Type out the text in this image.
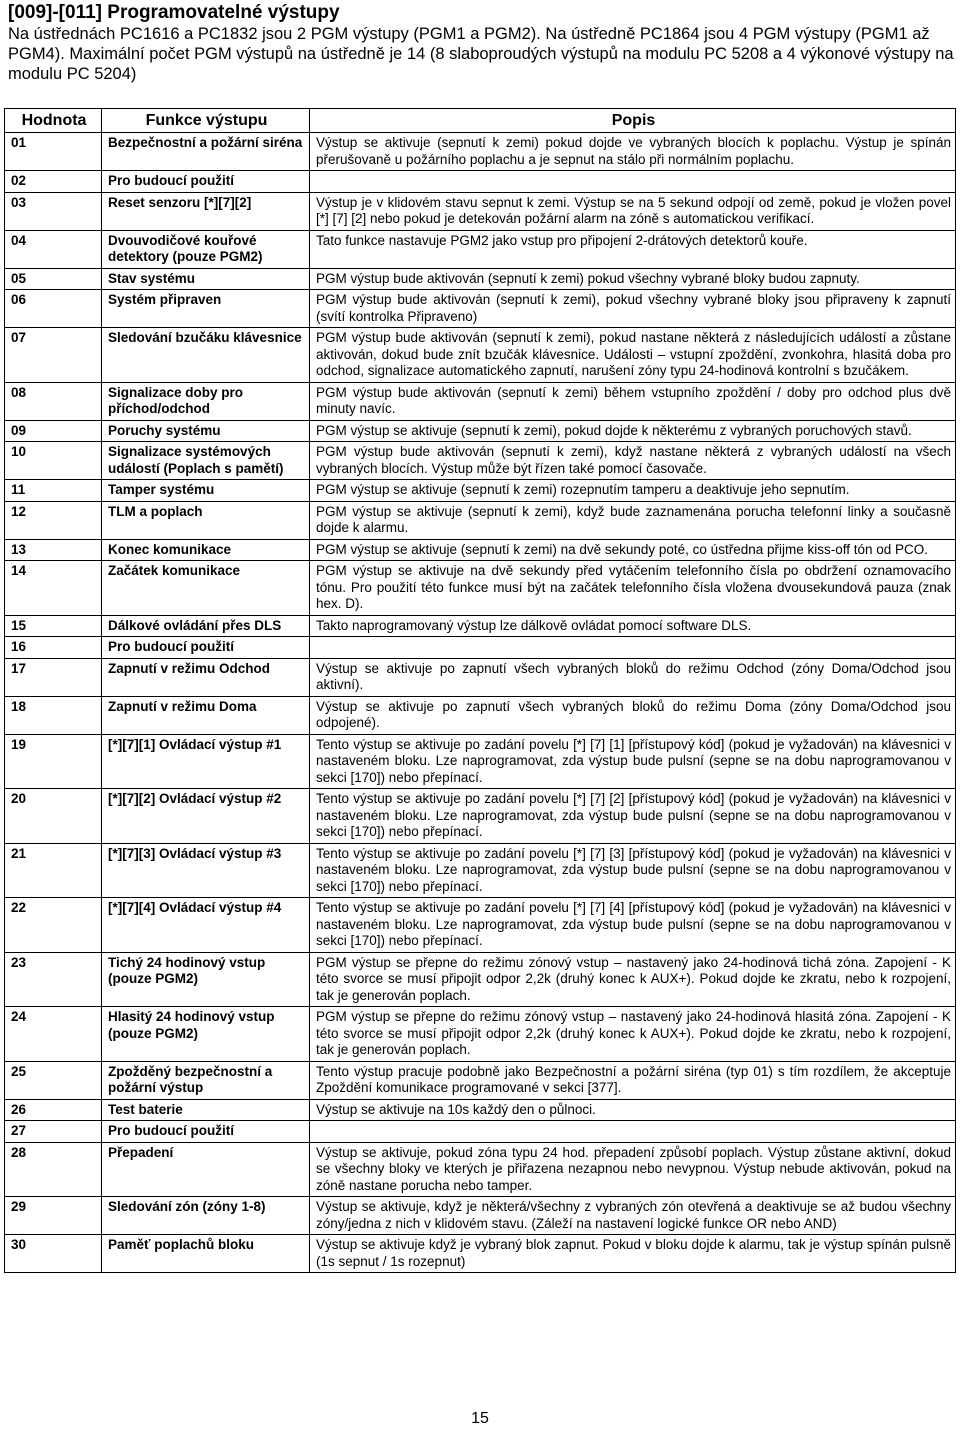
[009]-[011] Programovatelné výstupy
Na ústřednách PC1616 a PC1832 jsou 2 PGM výstupy (PGM1 a PGM2). Na ústředně PC1864 jsou 4 PGM výstupy (PGM1 až PGM4). Maximální počet PGM výstupů na ústředně je 14 (8 slaboproudých výstupů na modulu PC 5208 a 4 výkonové výstupy na modulu PC 5204)
Hodnota	Funkce výstupu	Popis
01	Bezpečnostní a požární siréna	Výstup se aktivuje (sepnutí k zemi) pokud dojde ve vybraných blocích k poplachu. Výstup je spínán přerušovaně u požárního poplachu a je sepnut na stálo při normálním poplachu.
02	Pro budoucí použití	
03	Reset senzoru [*][7][2]	Výstup je v klidovém stavu sepnut k zemi. Výstup se na 5 sekund odpojí od země, pokud je vložen povel [*] [7] [2] nebo pokud je detekován požární alarm na zóně s automatickou verifikací.
04	Dvouvodičové kouřové detektory (pouze PGM2)	Tato funkce nastavuje PGM2 jako vstup pro připojení 2-drátových detektorů kouře.
05	Stav systému	PGM výstup bude aktivován (sepnutí k zemi) pokud všechny vybrané bloky budou zapnuty.
06	Systém připraven	PGM výstup bude aktivován (sepnutí k zemi), pokud všechny vybrané bloky jsou připraveny k zapnutí (svítí kontrolka Připraveno)
07	Sledování bzučáku klávesnice	PGM výstup bude aktivován (sepnutí k zemi), pokud nastane některá z následujících událostí a zůstane aktivován, dokud bude znít bzučák klávesnice. Události – vstupní zpoždění, zvonkohra, hlasitá doba pro odchod, signalizace automatického zapnutí, narušení zóny typu 24-hodinová kontrolní s bzučákem.
08	Signalizace doby pro příchod/odchod	PGM výstup bude aktivován (sepnutí k zemi) během vstupního zpoždění / doby pro odchod plus dvě minuty navíc.
09	Poruchy systému	PGM výstup se aktivuje (sepnutí k zemi), pokud dojde k některému z vybraných poruchových stavů.
10	Signalizace systémových událostí (Poplach s pamětí)	PGM výstup bude aktivován (sepnutí k zemi), když nastane některá z vybraných událostí na všech vybraných blocích. Výstup může být řízen také pomocí časovače.
11	Tamper systému	PGM výstup se aktivuje (sepnutí k zemi) rozepnutím tamperu a deaktivuje jeho sepnutím.
12	TLM a poplach	PGM výstup se aktivuje (sepnutí k zemi), když bude zaznamenána porucha telefonní linky a současně dojde k alarmu.
13	Konec komunikace	PGM výstup se aktivuje (sepnutí k zemi) na dvě sekundy poté, co ústředna přijme kiss-off tón od PCO.
14	Začátek komunikace	PGM výstup se aktivuje na dvě sekundy před vytáčením telefonního čísla po obdržení oznamovacího tónu. Pro použití této funkce musí být na začátek telefonního čísla vložena dvousekundová pauza (znak hex. D).
15	Dálkové ovládání přes DLS	Takto naprogramovaný výstup lze dálkově ovládat pomocí software DLS.
16	Pro budoucí použití	
17	Zapnutí v režimu Odchod	Výstup se aktivuje po zapnutí všech vybraných bloků do režimu Odchod (zóny Doma/Odchod jsou aktivní).
18	Zapnutí v režimu Doma	Výstup se aktivuje po zapnutí všech vybraných bloků do režimu Doma (zóny Doma/Odchod jsou odpojené).
19	[*][7][1] Ovládací výstup #1	Tento výstup se aktivuje po zadání povelu [*] [7] [1] [přístupový kód] (pokud je vyžadován) na klávesnici v nastaveném bloku. Lze naprogramovat, zda výstup bude pulsní (sepne se na dobu naprogramovanou v sekci [170]) nebo přepínací.
20	[*][7][2] Ovládací výstup #2	Tento výstup se aktivuje po zadání povelu [*] [7] [2] [přístupový kód] (pokud je vyžadován) na klávesnici v nastaveném bloku. Lze naprogramovat, zda výstup bude pulsní (sepne se na dobu naprogramovanou v sekci [170]) nebo přepínací.
21	[*][7][3] Ovládací výstup #3	Tento výstup se aktivuje po zadání povelu [*] [7] [3] [přístupový kód] (pokud je vyžadován) na klávesnici v nastaveném bloku. Lze naprogramovat, zda výstup bude pulsní (sepne se na dobu naprogramovanou v sekci [170]) nebo přepínací.
22	[*][7][4] Ovládací výstup #4	Tento výstup se aktivuje po zadání povelu [*] [7] [4] [přístupový kód] (pokud je vyžadován) na klávesnici v nastaveném bloku. Lze naprogramovat, zda výstup bude pulsní (sepne se na dobu naprogramovanou v sekci [170]) nebo přepínací.
23	Tichý 24 hodinový vstup (pouze PGM2)	PGM výstup se přepne do režimu zónový vstup – nastavený jako 24-hodinová tichá zóna. Zapojení - K této svorce se musí připojit odpor 2,2k (druhý konec k AUX+). Pokud dojde ke zkratu, nebo k rozpojení, tak je generován poplach.
24	Hlasitý 24 hodinový vstup (pouze PGM2)	PGM výstup se přepne do režimu zónový vstup – nastavený jako 24-hodinová hlasitá zóna. Zapojení - K této svorce se musí připojit odpor 2,2k (druhý konec k AUX+). Pokud dojde ke zkratu, nebo k rozpojení, tak je generován poplach.
25	Zpožděný bezpečnostní a požární výstup	Tento výstup pracuje podobně jako Bezpečnostní a požární siréna (typ 01) s tím rozdílem, že akceptuje Zpoždění komunikace programované v sekci [377].
26	Test baterie	Výstup se aktivuje na 10s každý den o půlnoci.
27	Pro budoucí použití	
28	Přepadení	Výstup se aktivuje, pokud zóna typu 24 hod. přepadení způsobí poplach. Výstup zůstane aktivní, dokud se všechny bloky ve kterých je přiřazena nezapnou nebo nevypnou. Výstup nebude aktivován, pokud na zóně nastane porucha nebo tamper.
29	Sledování zón (zóny 1-8)	Výstup se aktivuje, když je některá/všechny z vybraných zón otevřená a deaktivuje se až budou všechny zóny/jedna z nich v klidovém stavu. (Záleží na nastavení logické funkce OR nebo AND)
30	Paměť poplachů bloku	Výstup se aktivuje když je vybraný blok zapnut. Pokud v bloku dojde k alarmu, tak je výstup spínán pulsně (1s sepnut / 1s rozepnut)
15
